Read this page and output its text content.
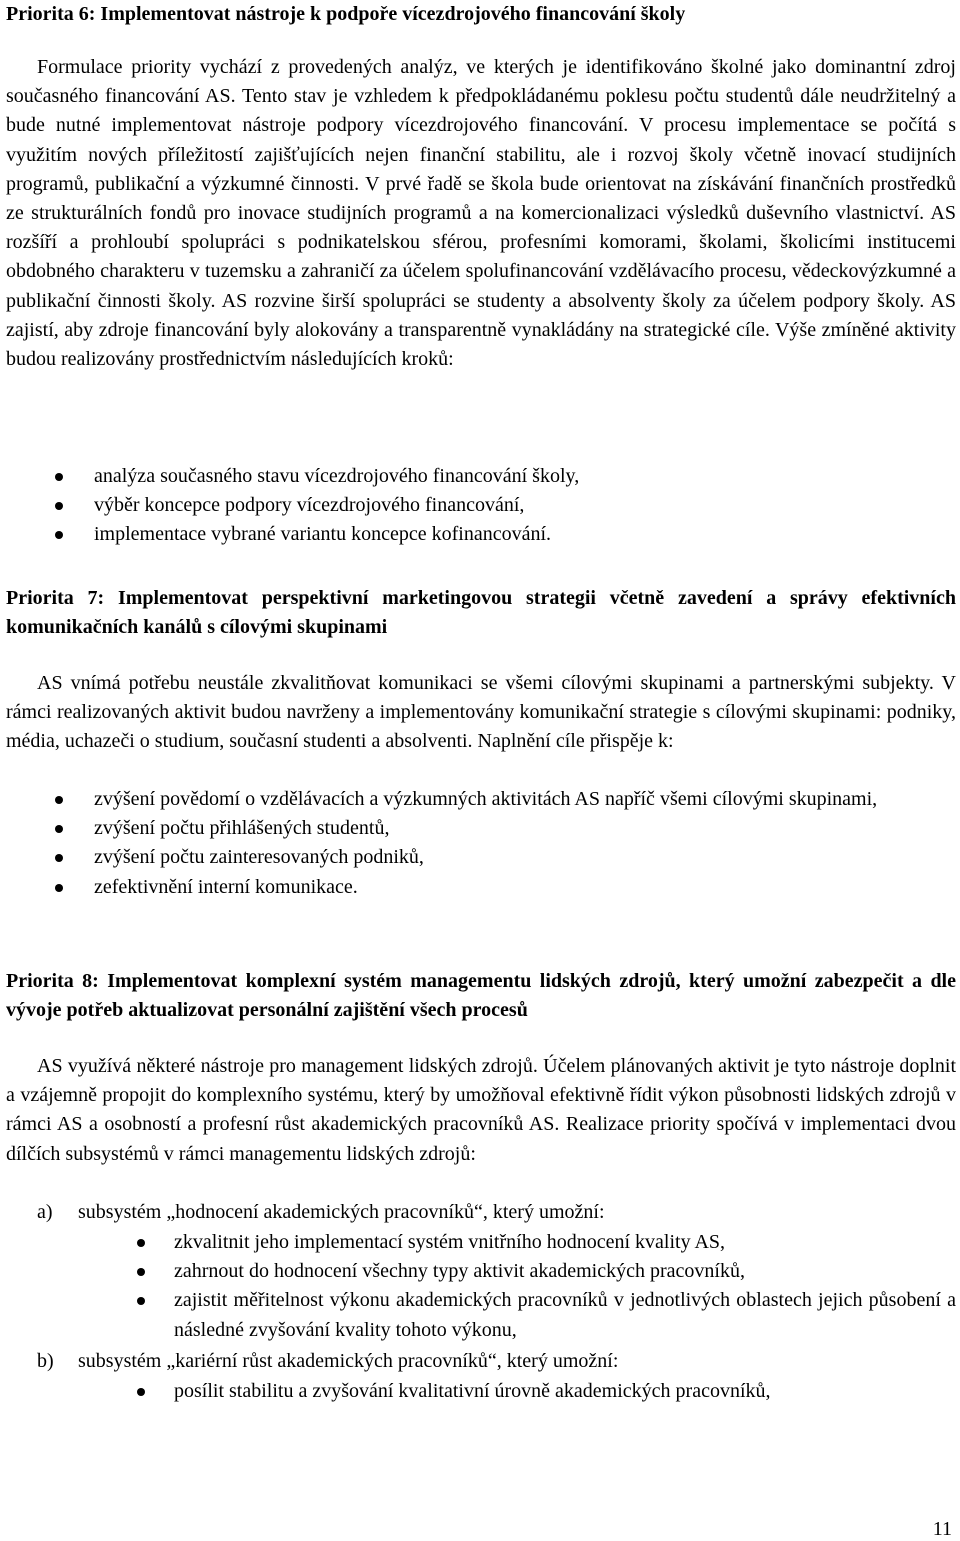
Priorita 6: Implementovat nástroje k podpoře vícezdrojového financování školy

Formulace priority vychází z provedených analýz, ve kterých je identifikováno školné jako dominantní zdroj současného financování AS. Tento stav je vzhledem k předpokládanému poklesu počtu studentů dále neudržitelný a bude nutné implementovat nástroje podpory vícezdrojového financování. V procesu implementace se počítá s využitím nových příležitostí zajišťujících nejen finanční stabilitu, ale i rozvoj školy včetně inovací studijních programů, publikační a výzkumné činnosti. V prvé řadě se škola bude orientovat na získávání finančních prostředků ze strukturálních fondů pro inovace studijních programů a na komercionalizaci výsledků duševního vlastnictví. AS rozšíří a prohloubí spolupráci s podnikatelskou sférou, profesními komorami, školami, školicími institucemi obdobného charakteru v tuzemsku a zahraničí za účelem spolufinancování vzdělávacího procesu, vědeckovýzkumné a publikační činnosti školy. AS rozvine širší spolupráci se studenty a absolventy školy za účelem podpory školy. AS zajistí, aby zdroje financování byly alokovány a transparentně vynakládány na strategické cíle. Výše zmíněné aktivity budou realizovány prostřednictvím následujících kroků:

analýza současného stavu vícezdrojového financování školy,
výběr koncepce podpory vícezdrojového financování,
implementace vybrané variantu koncepce kofinancování.

Priorita 7: Implementovat perspektivní marketingovou strategii včetně zavedení a správy efektivních komunikačních kanálů s cílovými skupinami

AS vnímá potřebu neustále zkvalitňovat komunikaci se všemi cílovými skupinami a partnerskými subjekty. V rámci realizovaných aktivit budou navrženy a implementovány komunikační strategie s cílovými skupinami: podniky, média, uchazeči o studium, současní studenti a absolventi. Naplnění cíle přispěje k:

zvýšení povědomí o vzdělávacích a výzkumných aktivitách AS napříč všemi cílovými skupinami,
zvýšení počtu přihlášených studentů,
zvýšení počtu zainteresovaných podniků,
zefektivnění interní komunikace.

Priorita 8: Implementovat komplexní systém managementu lidských zdrojů, který umožní zabezpečit a dle vývoje potřeb aktualizovat personální zajištění všech procesů

AS využívá některé nástroje pro management lidských zdrojů. Účelem plánovaných aktivit je tyto nástroje doplnit a vzájemně propojit do komplexního systému, který by umožňoval efektivně řídit výkon působnosti lidských zdrojů v rámci AS a osobností a profesní růst akademických pracovníků AS. Realizace priority spočívá v implementaci dvou dílčích subsystémů v rámci managementu lidských zdrojů:

a) subsystém „hodnocení akademických pracovníků“, který umožní:
zkvalitnit jeho implementací systém vnitřního hodnocení kvality AS,
zahrnout do hodnocení všechny typy aktivit akademických pracovníků,
zajistit měřitelnost výkonu akademických pracovníků v jednotlivých oblastech jejich působení a následné zvyšování kvality tohoto výkonu,
b) subsystém „kariérní růst akademických pracovníků“, který umožní:
posílit stabilitu a zvyšování kvalitativní úrovně akademických pracovníků,
11
